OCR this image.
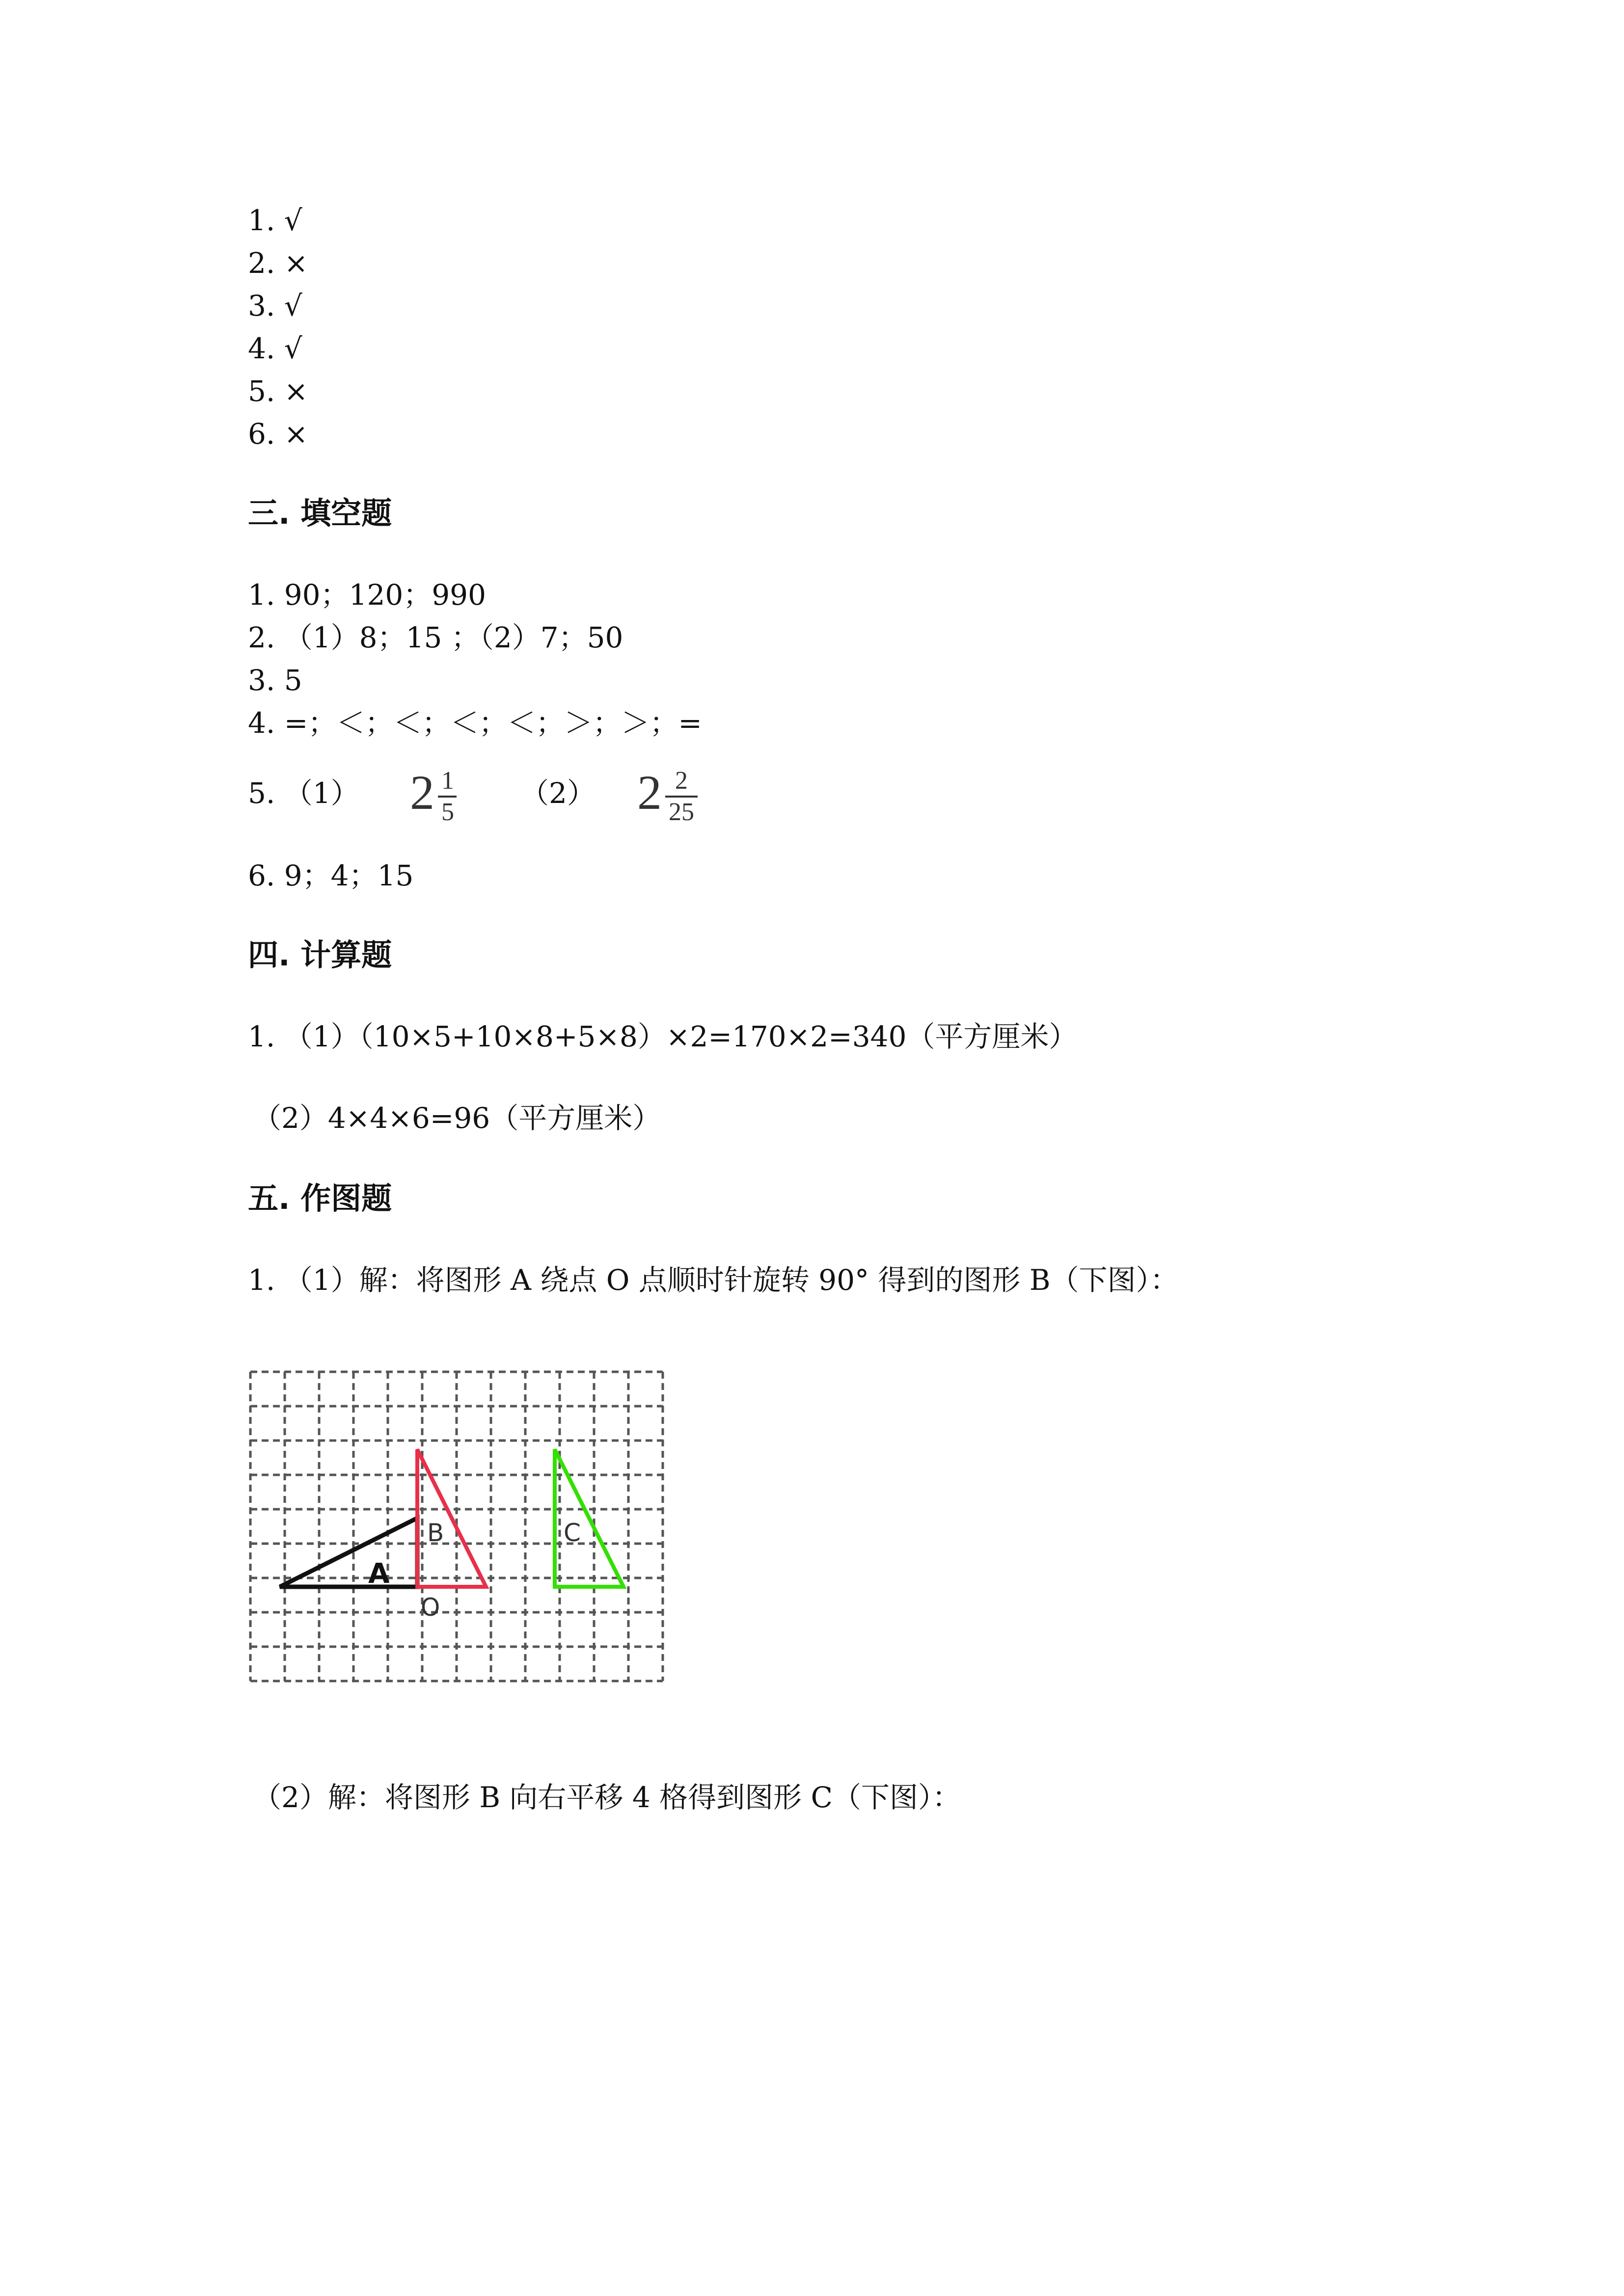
1. √
2. ×
3. √
4. √
5. ×
6. ×
三. 填空题
1. 90；120；990
2. （1）8；15 ；（2）7；50
3. 5
4. =；＜；＜；＜；＜；＞；＞；=
5. （1） 2 1
5
（2） 2 2
25
6. 9；4；15
四. 计算题
1. （1）（10×5+10×8+5×8）×2=170×2=340（平方厘米）
（2）4×4×6=96（平方厘米）
五. 作图题
1. （1）解：将图形 A 绕点 O 点顺时针旋转 90° 得到的图形 B（下图）：
A
B	C
O
（2）解：将图形 B 向右平移 4 格得到图形 C（下图）：
